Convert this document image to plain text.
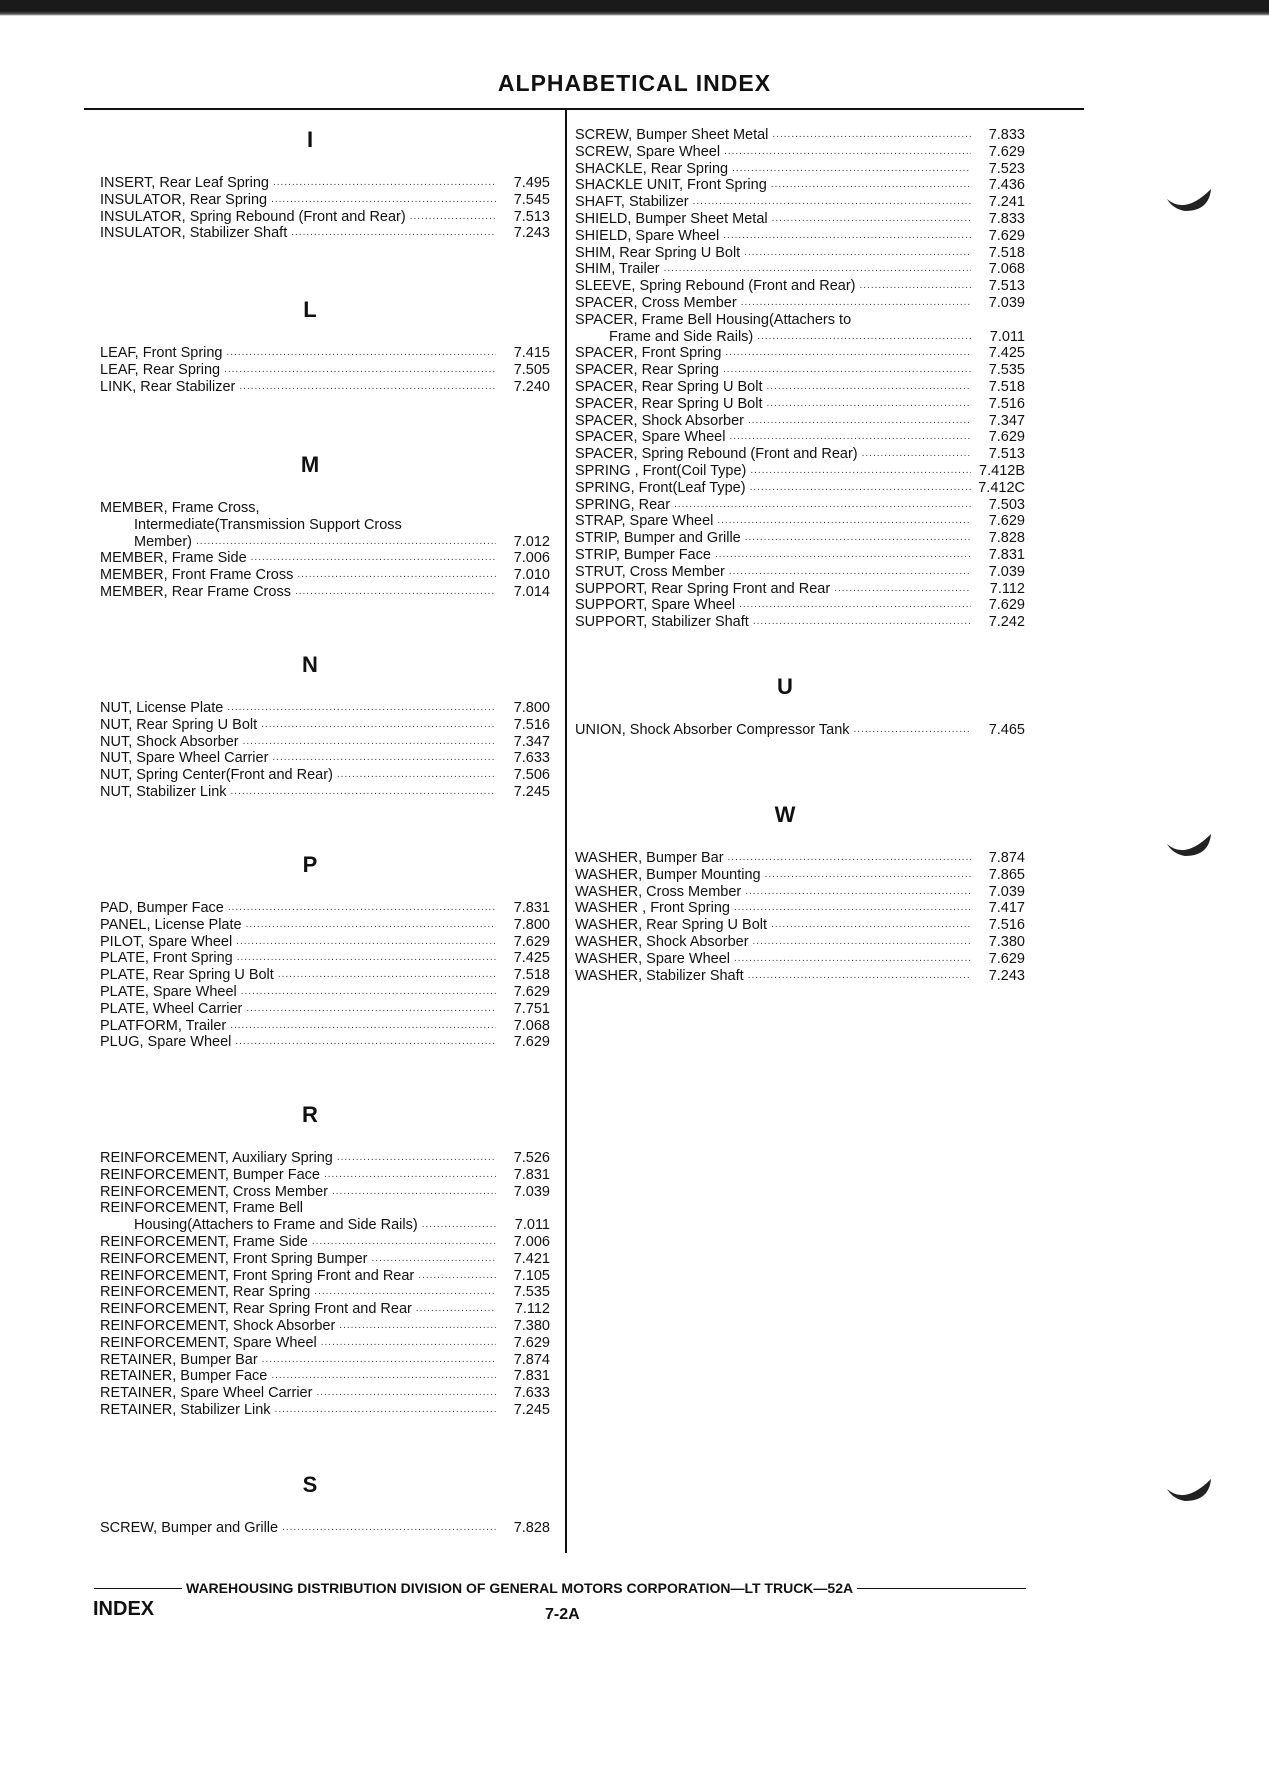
ALPHABETICAL INDEX
I
INSERT, Rear Leaf Spring .....	7.495
INSULATOR, Rear Spring .....	7.545
INSULATOR, Spring Rebound (Front and Rear) .....	7.513
INSULATOR, Stabilizer Shaft .....	7.243
L
LEAF, Front Spring .....	7.415
LEAF, Rear Spring .....	7.505
LINK, Rear Stabilizer .....	7.240
M
MEMBER, Frame Cross,
Intermediate(Transmission Support Cross
Member) .....	7.012
MEMBER, Frame Side .....	7.006
MEMBER, Front Frame Cross .....	7.010
MEMBER, Rear Frame Cross .....	7.014
N
NUT, License Plate .....	7.800
NUT, Rear Spring U Bolt .....	7.516
NUT, Shock Absorber .....	7.347
NUT, Spare Wheel Carrier .....	7.633
NUT, Spring Center(Front and Rear) .....	7.506
NUT, Stabilizer Link .....	7.245
P
PAD, Bumper Face .....	7.831
PANEL, License Plate .....	7.800
PILOT, Spare Wheel .....	7.629
PLATE, Front Spring .....	7.425
PLATE, Rear Spring U Bolt .....	7.518
PLATE, Spare Wheel .....	7.629
PLATE, Wheel Carrier .....	7.751
PLATFORM, Trailer .....	7.068
PLUG, Spare Wheel .....	7.629
R
REINFORCEMENT, Auxiliary Spring .....	7.526
REINFORCEMENT, Bumper Face .....	7.831
REINFORCEMENT, Cross Member .....	7.039
REINFORCEMENT, Frame Bell
Housing(Attachers to Frame and Side Rails) .....	7.011
REINFORCEMENT, Frame Side .....	7.006
REINFORCEMENT, Front Spring Bumper .....	7.421
REINFORCEMENT, Front Spring Front and Rear .....	7.105
REINFORCEMENT, Rear Spring .....	7.535
REINFORCEMENT, Rear Spring Front and Rear .....	7.112
REINFORCEMENT, Shock Absorber .....	7.380
REINFORCEMENT, Spare Wheel .....	7.629
RETAINER, Bumper Bar .....	7.874
RETAINER, Bumper Face .....	7.831
RETAINER, Spare Wheel Carrier .....	7.633
RETAINER, Stabilizer Link .....	7.245
S
SCREW, Bumper and Grille .....	7.828
SCREW, Bumper Sheet Metal .....	7.833
SCREW, Spare Wheel .....	7.629
SHACKLE, Rear Spring .....	7.523
SHACKLE UNIT, Front Spring .....	7.436
SHAFT, Stabilizer .....	7.241
SHIELD, Bumper Sheet Metal .....	7.833
SHIELD, Spare Wheel .....	7.629
SHIM, Rear Spring U Bolt .....	7.518
SHIM, Trailer .....	7.068
SLEEVE, Spring Rebound (Front and Rear) .....	7.513
SPACER, Cross Member .....	7.039
SPACER, Frame Bell Housing(Attachers to
Frame and Side Rails) .....	7.011
SPACER, Front Spring .....	7.425
SPACER, Rear Spring .....	7.535
SPACER, Rear Spring U Bolt .....	7.518
SPACER, Rear Spring U Bolt .....	7.516
SPACER, Shock Absorber .....	7.347
SPACER, Spare Wheel .....	7.629
SPACER, Spring Rebound (Front and Rear) .....	7.513
SPRING , Front(Coil Type) .....	7.412B
SPRING, Front(Leaf Type) .....	7.412C
SPRING, Rear .....	7.503
STRAP, Spare Wheel .....	7.629
STRIP, Bumper and Grille .....	7.828
STRIP, Bumper Face .....	7.831
STRUT, Cross Member .....	7.039
SUPPORT, Rear Spring Front and Rear .....	7.112
SUPPORT, Spare Wheel .....	7.629
SUPPORT, Stabilizer Shaft .....	7.242
U
UNION, Shock Absorber Compressor Tank .....	7.465
W
WASHER, Bumper Bar .....	7.874
WASHER, Bumper Mounting .....	7.865
WASHER, Cross Member .....	7.039
WASHER , Front Spring .....	7.417
WASHER, Rear Spring U Bolt .....	7.516
WASHER, Shock Absorber .....	7.380
WASHER, Spare Wheel .....	7.629
WASHER, Stabilizer Shaft .....	7.243
WAREHOUSING DISTRIBUTION DIVISION OF GENERAL MOTORS CORPORATION—LT TRUCK—52A
INDEX	7-2A
